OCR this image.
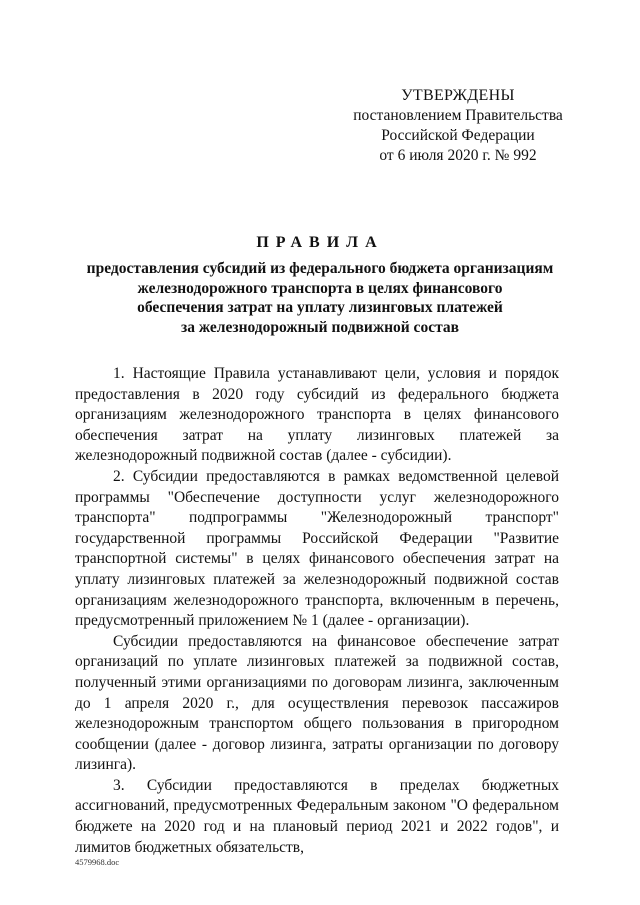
УТВЕРЖДЕНЫ
постановлением Правительства
Российской Федерации
от 6 июля 2020 г. № 992
ПРАВИЛА
предоставления субсидий из федерального бюджета организациям
железнодорожного транспорта в целях финансового
обеспечения затрат на уплату лизинговых платежей
за железнодорожный подвижной состав

1. Настоящие Правила устанавливают цели, условия и порядок предоставления в 2020 году субсидий из федерального бюджета организациям железнодорожного транспорта в целях финансового обеспечения затрат на уплату лизинговых платежей за железнодорожный подвижной состав (далее - субсидии).

2. Субсидии предоставляются в рамках ведомственной целевой программы "Обеспечение доступности услуг железнодорожного транспорта" подпрограммы "Железнодорожный транспорт" государственной программы Российской Федерации "Развитие транспортной системы" в целях финансового обеспечения затрат на уплату лизинговых платежей за железнодорожный подвижной состав организациям железнодорожного транспорта, включенным в перечень, предусмотренный приложением № 1 (далее - организации).

Субсидии предоставляются на финансовое обеспечение затрат организаций по уплате лизинговых платежей за подвижной состав, полученный этими организациями по договорам лизинга, заключенным до 1 апреля 2020 г., для осуществления перевозок пассажиров железнодорожным транспортом общего пользования в пригородном сообщении (далее - договор лизинга, затраты организации по договору лизинга).

3. Субсидии предоставляются в пределах бюджетных ассигнований, предусмотренных Федеральным законом "О федеральном бюджете на 2020 год и на плановый период 2021 и 2022 годов", и лимитов бюджетных обязательств,

4579968.doc
